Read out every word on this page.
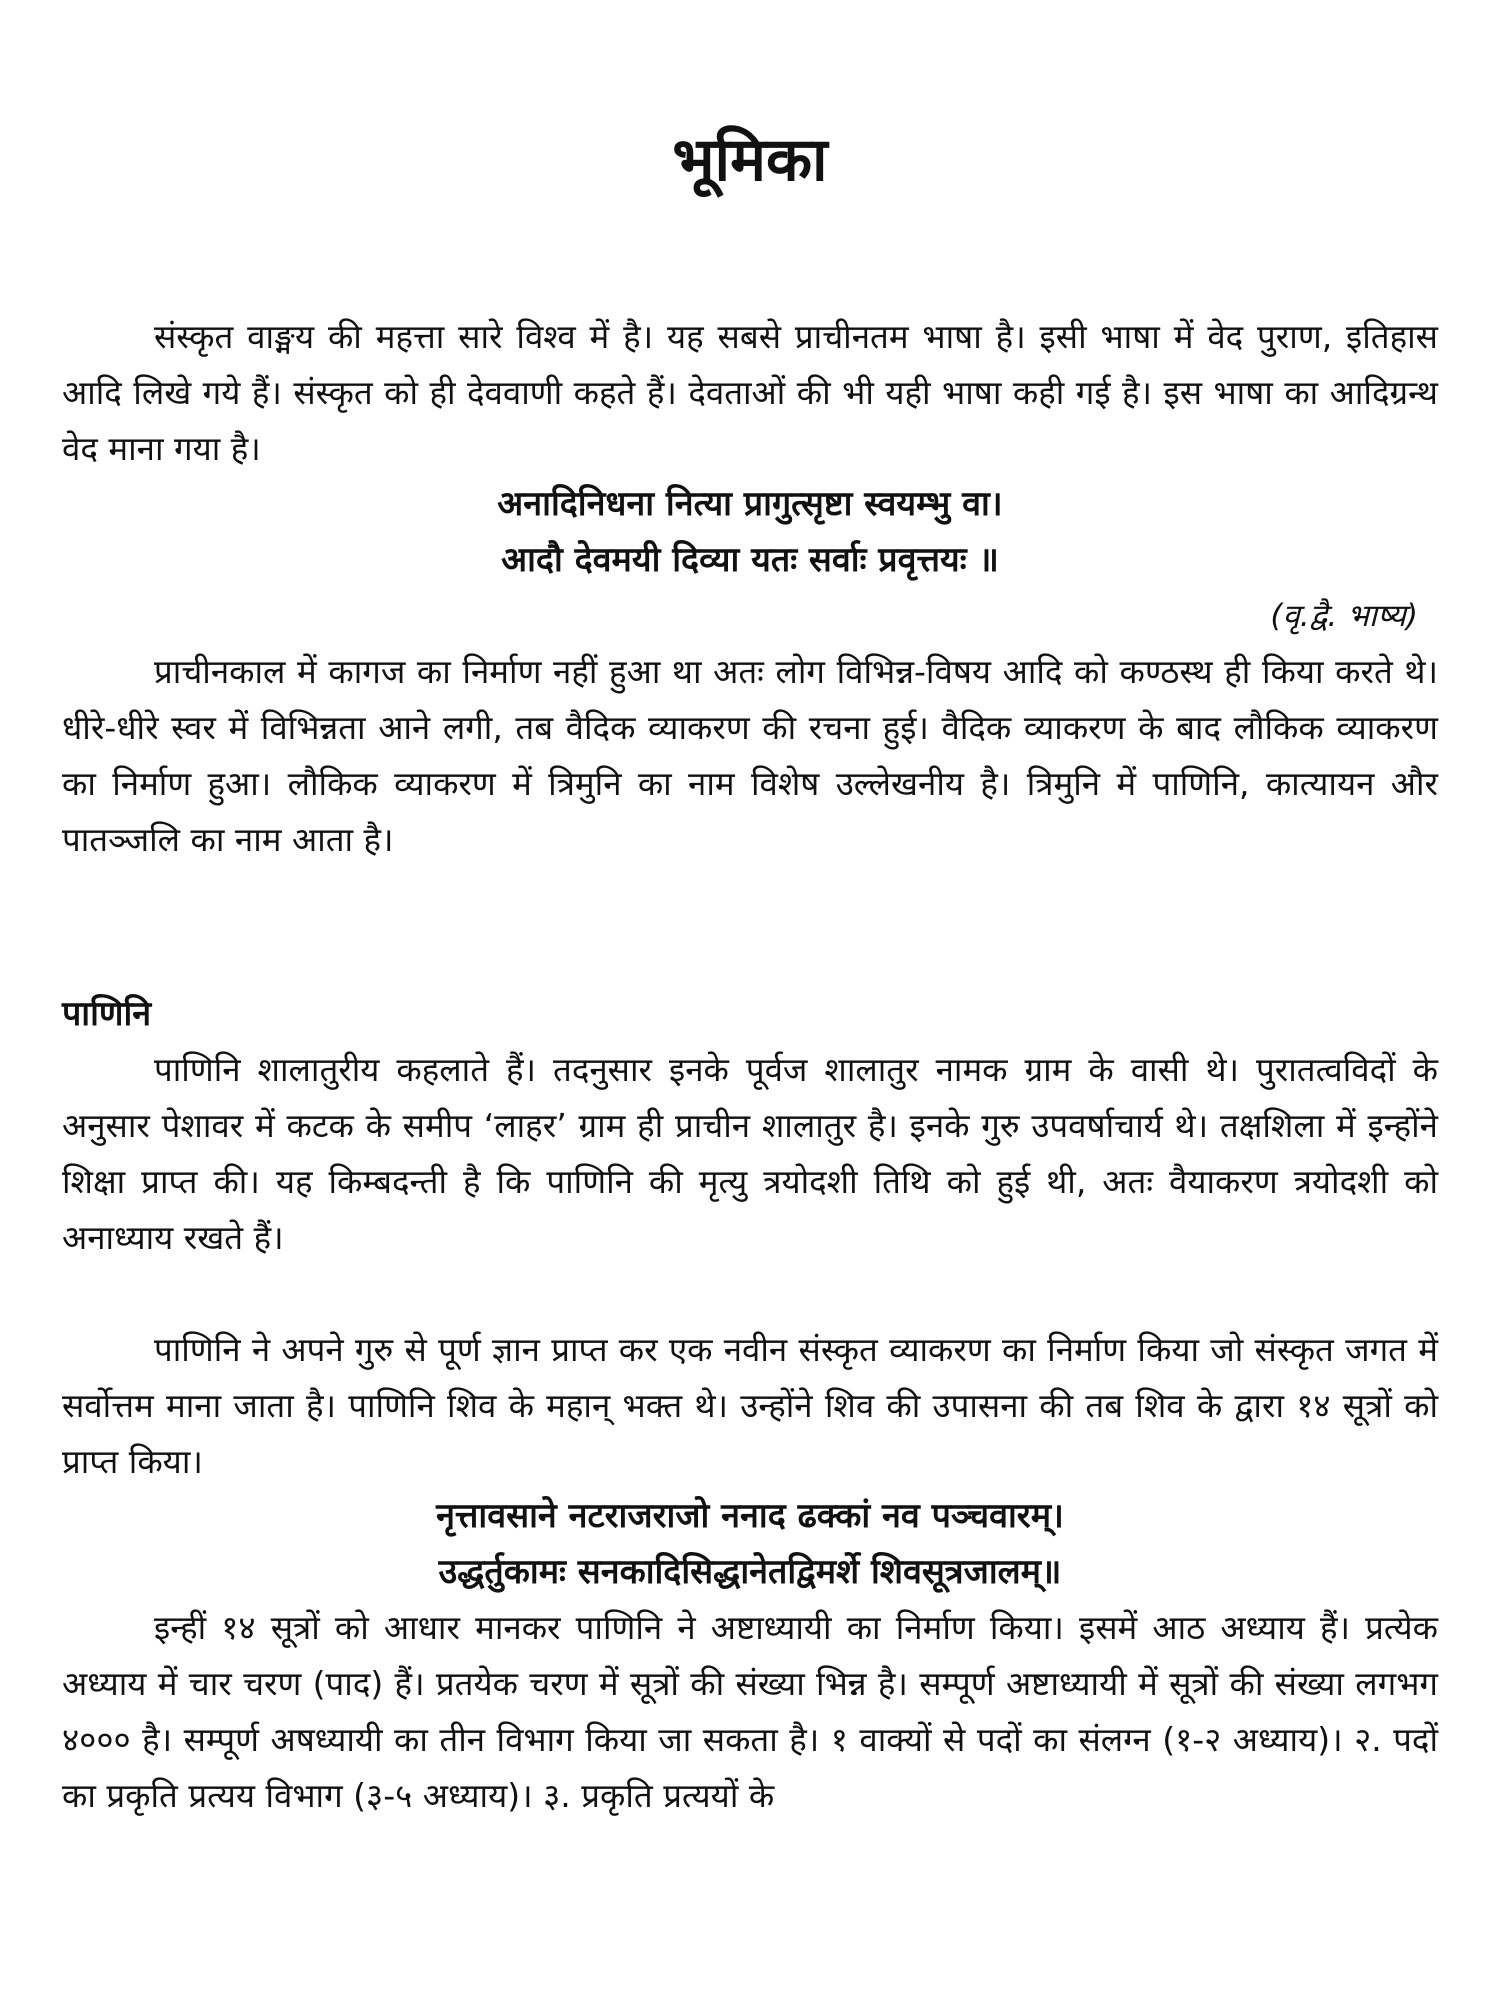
भूमिका

संस्कृत वाङ्मय की महत्ता सारे विश्व में है। यह सबसे प्राचीनतम भाषा है। इसी भाषा में वेद पुराण, इतिहास आदि लिखे गये हैं। संस्कृत को ही देववाणी कहते हैं। देवताओं की भी यही भाषा कही गई है। इस भाषा का आदिग्रन्थ वेद माना गया है।

अनादिनिधना नित्या प्रागुत्सृष्टा स्वयम्भु वा।

आदौ देवमयी दिव्या यतः सर्वाः प्रवृत्तयः ॥

(वृ.द्वै. भाष्य)

प्राचीनकाल में कागज का निर्माण नहीं हुआ था अतः लोग विभिन्न-विषय आदि को कण्ठस्थ ही किया करते थे। धीरे-धीरे स्वर में विभिन्नता आने लगी, तब वैदिक व्याकरण की रचना हुई। वैदिक व्याकरण के बाद लौकिक व्याकरण का निर्माण हुआ। लौकिक व्याकरण में त्रिमुनि का नाम विशेष उल्लेखनीय है। त्रिमुनि में पाणिनि, कात्यायन और पातञ्जलि का नाम आता है।

पाणिनि

पाणिनि शालातुरीय कहलाते हैं। तदनुसार इनके पूर्वज शालातुर नामक ग्राम के वासी थे। पुरातत्वविदों के अनुसार पेशावर में कटक के समीप ‘लाहर’ ग्राम ही प्राचीन शालातुर है। इनके गुरु उपवर्षाचार्य थे। तक्षशिला में इन्होंने शिक्षा प्राप्त की। यह किम्बदन्ती है कि पाणिनि की मृत्यु त्रयोदशी तिथि को हुई थी, अतः वैयाकरण त्रयोदशी को अनाध्याय रखते हैं।

पाणिनि ने अपने गुरु से पूर्ण ज्ञान प्राप्त कर एक नवीन संस्कृत व्याकरण का निर्माण किया जो संस्कृत जगत में सर्वोत्तम माना जाता है। पाणिनि शिव के महान् भक्त थे। उन्होंने शिव की उपासना की तब शिव के द्वारा १४ सूत्रों को प्राप्त किया।

नृत्तावसाने नटराजराजो ननाद ढक्कां नव पञ्चवारम्।

उद्धर्तुकामः सनकादिसिद्धानेतद्विमर्शे शिवसूत्रजालम्॥

इन्हीं १४ सूत्रों को आधार मानकर पाणिनि ने अष्टाध्यायी का निर्माण किया। इसमें आठ अध्याय हैं। प्रत्येक अध्याय में चार चरण (पाद) हैं। प्रतयेक चरण में सूत्रों की संख्या भिन्न है। सम्पूर्ण अष्टाध्यायी में सूत्रों की संख्या लगभग ४००० है। सम्पूर्ण अषध्यायी का तीन विभाग किया जा सकता है। १ वाक्यों से पदों का संलग्न (१-२ अध्याय)। २. पदों का प्रकृति प्रत्यय विभाग (३-५ अध्याय)। ३. प्रकृति प्रत्ययों के
